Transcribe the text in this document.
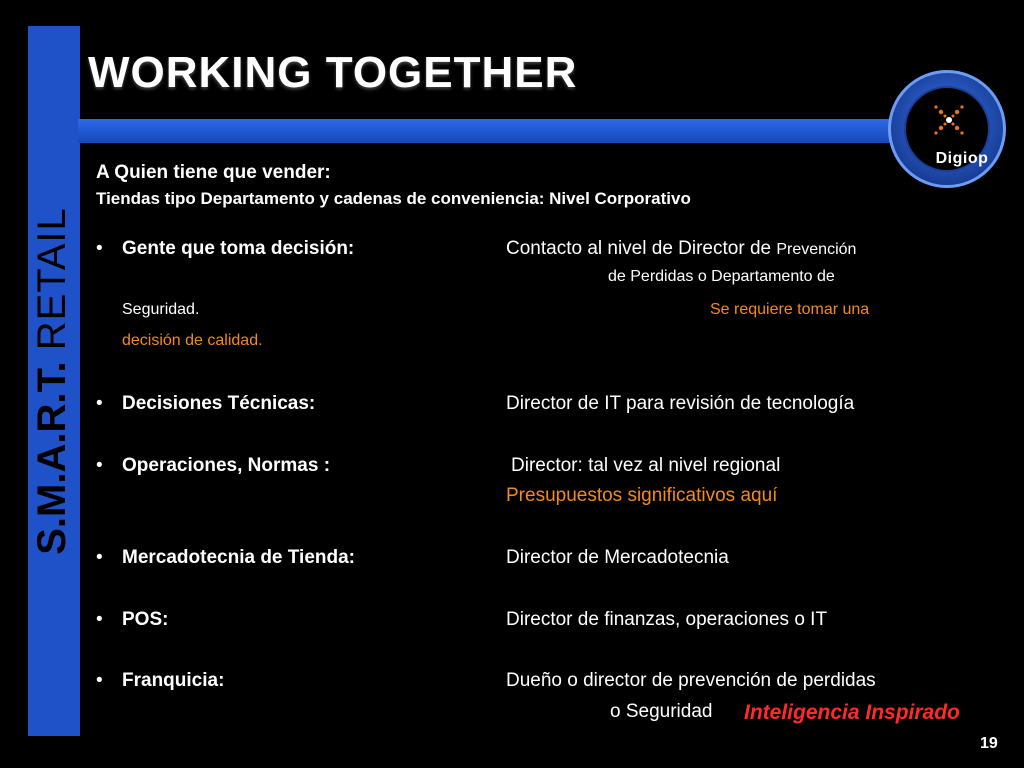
S.M.A.R.T. RETAIL
WORKING TOGETHER
Digiop

A Quien tiene que vender:

Tiendas tipo Departamento y cadenas de conveniencia: Nivel Corporativo

• Gente que toma decisión:	Contacto al nivel de Director de Prevención
de Perdidas o Departamento de
Seguridad.	Se requiere tomar una
decisión de calidad.
• Decisiones Técnicas:	Director de IT para revisión de tecnología
• Operaciones, Normas :	Director: tal vez al nivel regional
Presupuestos significativos aquí
• Mercadotecnia de Tienda:	Director de Mercadotecnia
• POS:	Director de finanzas, operaciones o IT
• Franquicia:	Dueño o director de prevención de perdidas
o Seguridad Inteligencia Inspirado
19
